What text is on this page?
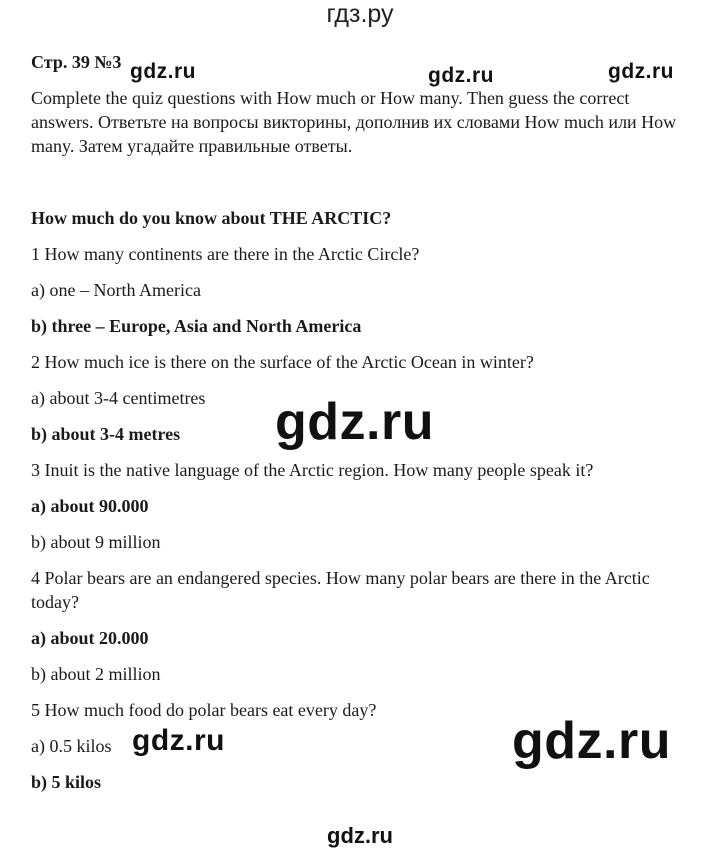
гдз.ру
Стр. 39 №3
Complete the quiz questions with How much or How many. Then guess the correct answers. Ответьте на вопросы викторины, дополнив их словами How much или How many. Затем угадайте правильные ответы.
How much do you know about THE ARCTIC?
1 How many continents are there in the Arctic Circle?
a) one – North America
b) three – Europe, Asia and North America
2 How much ice is there on the surface of the Arctic Ocean in winter?
a) about 3-4 centimetres
b) about 3-4 metres
3 Inuit is the native language of the Arctic region. How many people speak it?
a) about 90.000
b) about 9 million
4 Polar bears are an endangered species. How many polar bears are there in the Arctic today?
a) about 20.000
b) about 2 million
5 How much food do polar bears eat every day?
a) 0.5 kilos
b) 5 kilos
gdz.ru	gdz.ru	gdz.ru
gdz.ru
gdz.ru	gdz.ru
gdz.ru
